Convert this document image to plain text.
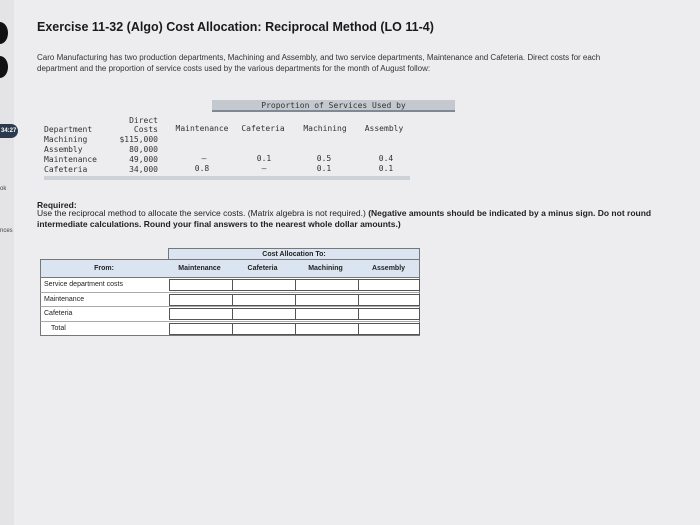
34:27
ok
nces
Exercise 11-32 (Algo) Cost Allocation: Reciprocal Method (LO 11-4)
Caro Manufacturing has two production departments, Machining and Assembly, and two service departments, Maintenance and Cafeteria. Direct costs for each department and the proportion of service costs used by the various departments for the month of August follow:
Proportion of Services Used by
Direct
Department	Costs	Maintenance	Cafeteria	Machining	Assembly
Machining	$115,000
Assembly	80,000
Maintenance	49,000	–	0.1	0.5	0.4
Cafeteria	34,000	0.8	–	0.1	0.1
Required:
Use the reciprocal method to allocate the service costs. (Matrix algebra is not required.) (Negative amounts should be indicated by a minus sign. Do not round intermediate calculations. Round your final answers to the nearest whole dollar amounts.)
Cost Allocation To:
From:	Maintenance	Cafeteria	Machining	Assembly
Service department costs
Maintenance
Cafeteria
Total
